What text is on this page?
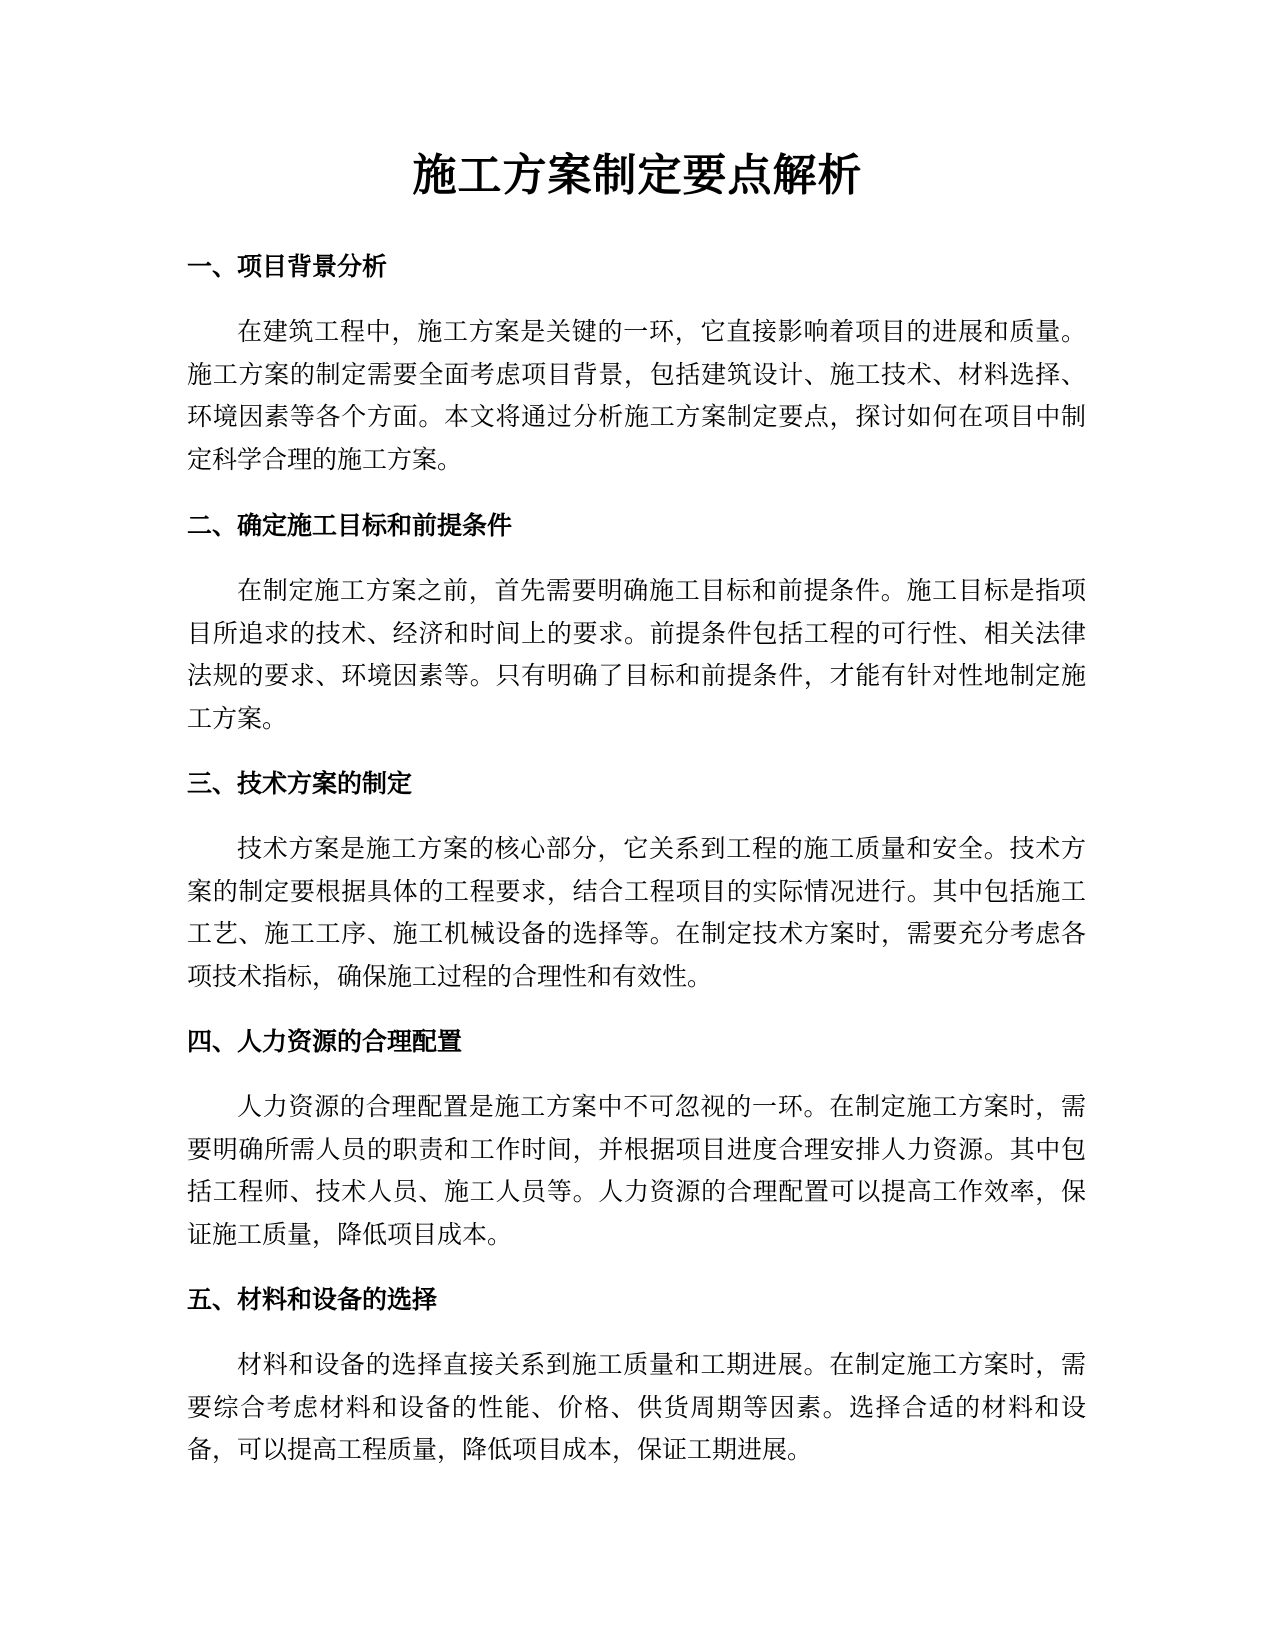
施工方案制定要点解析
一、项目背景分析

在建筑工程中，施工方案是关键的一环，它直接影响着项目的进展和质量。施工方案的制定需要全面考虑项目背景，包括建筑设计、施工技术、材料选择、环境因素等各个方面。本文将通过分析施工方案制定要点，探讨如何在项目中制定科学合理的施工方案。

二、确定施工目标和前提条件

在制定施工方案之前，首先需要明确施工目标和前提条件。施工目标是指项目所追求的技术、经济和时间上的要求。前提条件包括工程的可行性、相关法律法规的要求、环境因素等。只有明确了目标和前提条件，才能有针对性地制定施工方案。

三、技术方案的制定

技术方案是施工方案的核心部分，它关系到工程的施工质量和安全。技术方案的制定要根据具体的工程要求，结合工程项目的实际情况进行。其中包括施工工艺、施工工序、施工机械设备的选择等。在制定技术方案时，需要充分考虑各项技术指标，确保施工过程的合理性和有效性。

四、人力资源的合理配置

人力资源的合理配置是施工方案中不可忽视的一环。在制定施工方案时，需要明确所需人员的职责和工作时间，并根据项目进度合理安排人力资源。其中包括工程师、技术人员、施工人员等。人力资源的合理配置可以提高工作效率，保证施工质量，降低项目成本。

五、材料和设备的选择

材料和设备的选择直接关系到施工质量和工期进展。在制定施工方案时，需要综合考虑材料和设备的性能、价格、供货周期等因素。选择合适的材料和设备，可以提高工程质量，降低项目成本，保证工期进展。
